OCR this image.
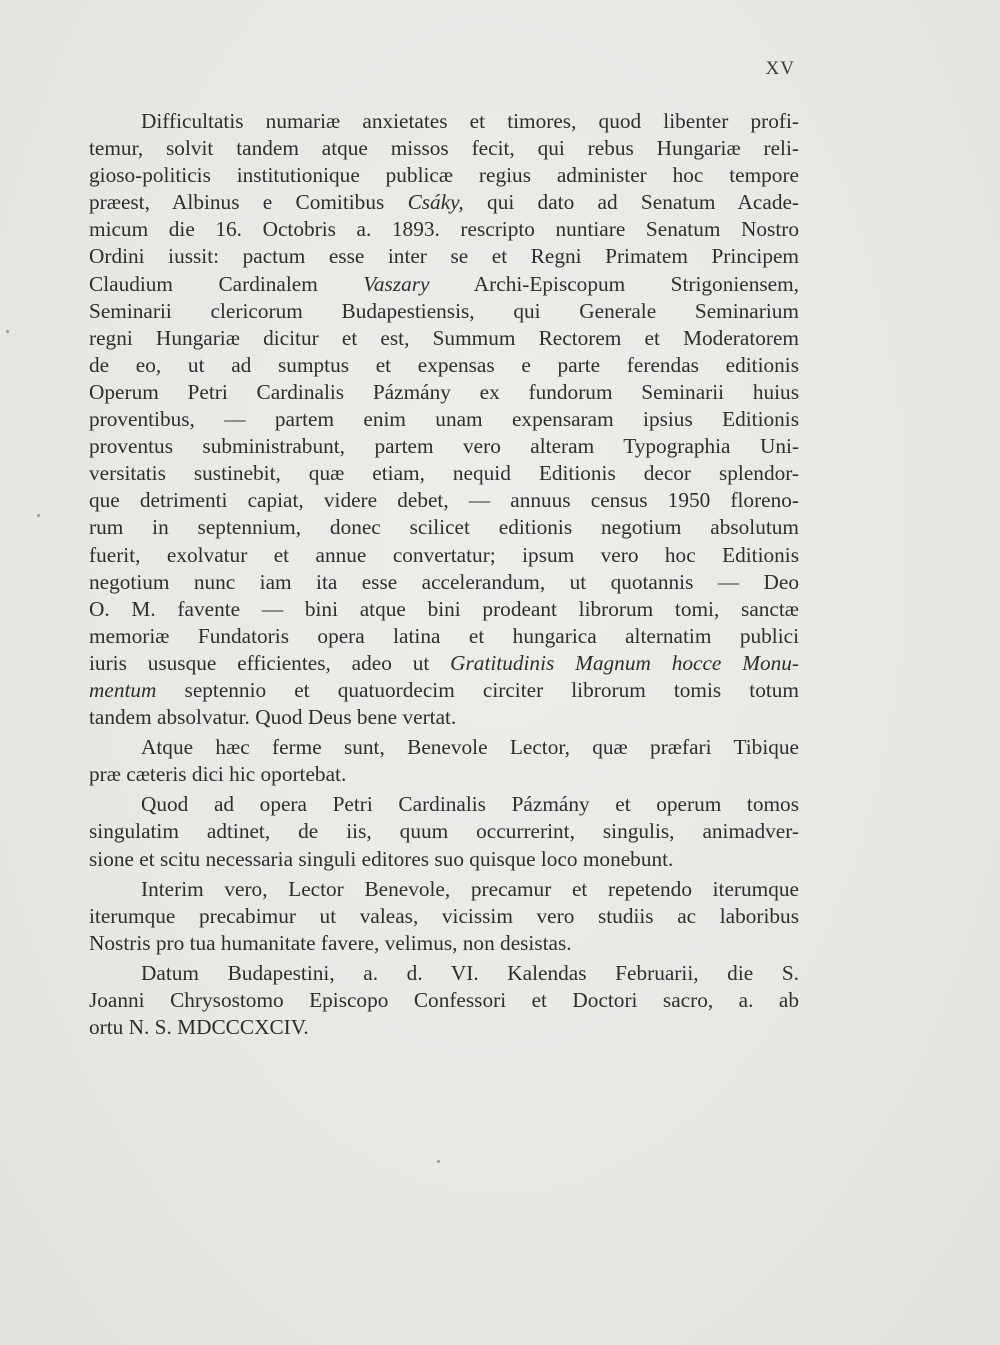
XV
Difficultatis numariæ anxietates et timores, quod libenter profi-
temur, solvit tandem atque missos fecit, qui rebus Hungariæ reli-
gioso-politicis institutionique publicæ regius administer hoc tempore
præest, Albinus e Comitibus Csáky, qui dato ad Senatum Acade-
micum die 16. Octobris a. 1893. rescripto nuntiare Senatum Nostro
Ordini iussit: pactum esse inter se et Regni Primatem Principem
Claudium Cardinalem Vaszary Archi-Episcopum Strigoniensem,
Seminarii clericorum Budapestiensis, qui Generale Seminarium
regni Hungariæ dicitur et est, Summum Rectorem et Moderatorem
de eo, ut ad sumptus et expensas e parte ferendas editionis
Operum Petri Cardinalis Pázmány ex fundorum Seminarii huius
proventibus, — partem enim unam expensaram ipsius Editionis
proventus subministrabunt, partem vero alteram Typographia Uni-
versitatis sustinebit, quæ etiam, nequid Editionis decor splendor-
que detrimenti capiat, videre debet, — annuus census 1950 floreno-
rum in septennium, donec scilicet editionis negotium absolutum
fuerit, exolvatur et annue convertatur; ipsum vero hoc Editionis
negotium nunc iam ita esse accelerandum, ut quotannis — Deo
O. M. favente — bini atque bini prodeant librorum tomi, sanctæ
memoriæ Fundatoris opera latina et hungarica alternatim publici
iuris ususque efficientes, adeo ut Gratitudinis Magnum hocce Monu-
mentum septennio et quatuordecim circiter librorum tomis totum
tandem absolvatur. Quod Deus bene vertat.
Atque hæc ferme sunt, Benevole Lector, quæ præfari Tibique
præ cæteris dici hic oportebat.
Quod ad opera Petri Cardinalis Pázmány et operum tomos
singulatim adtinet, de iis, quum occurrerint, singulis, animadver-
sione et scitu necessaria singuli editores suo quisque loco monebunt.
Interim vero, Lector Benevole, precamur et repetendo iterumque
iterumque precabimur ut valeas, vicissim vero studiis ac laboribus
Nostris pro tua humanitate favere, velimus, non desistas.
Datum Budapestini, a. d. VI. Kalendas Februarii, die S.
Joanni Chrysostomo Episcopo Confessori et Doctori sacro, a. ab
ortu N. S. MDCCCXCIV.
